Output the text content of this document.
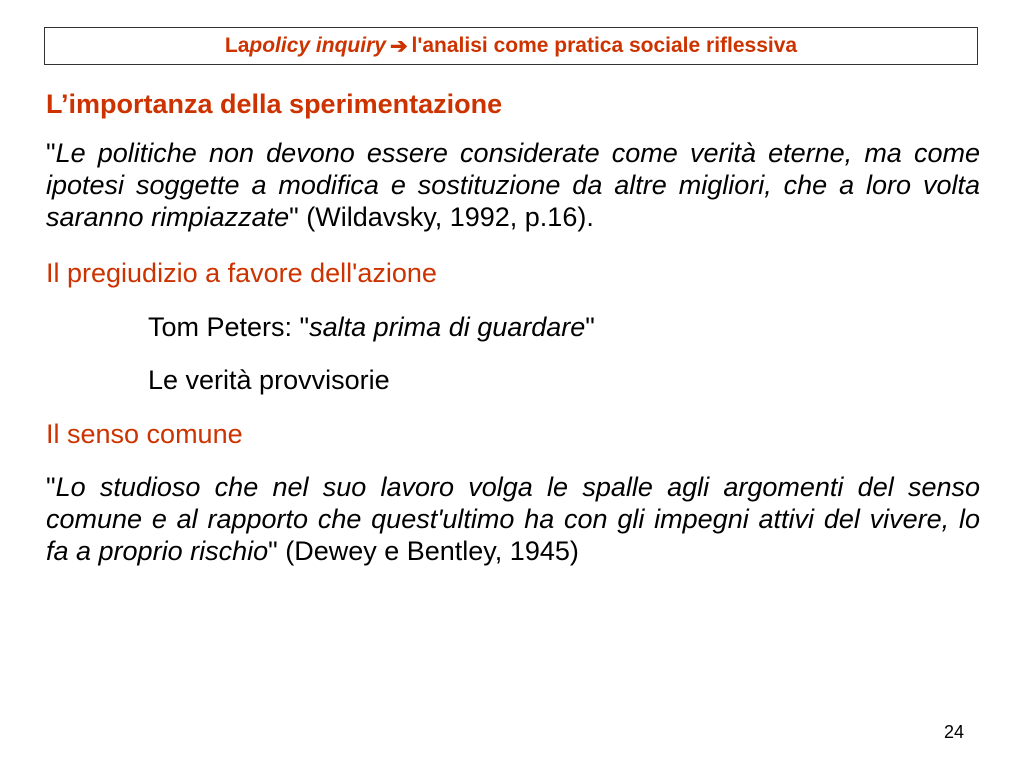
La policy inquiry ➔ l'analisi come pratica sociale riflessiva

L’importanza della sperimentazione

"Le politiche non devono essere considerate come verità eterne, ma come ipotesi soggette a modifica e sostituzione da altre migliori, che a loro volta saranno rimpiazzate" (Wildavsky, 1992, p.16).

Il pregiudizio a favore dell'azione

Tom Peters: "salta prima di guardare"

Le verità provvisorie

Il senso comune

"Lo studioso che nel suo lavoro volga le spalle agli argomenti del senso comune e al rapporto che quest'ultimo ha con gli impegni attivi del vivere, lo fa a proprio rischio" (Dewey e Bentley, 1945)

24
